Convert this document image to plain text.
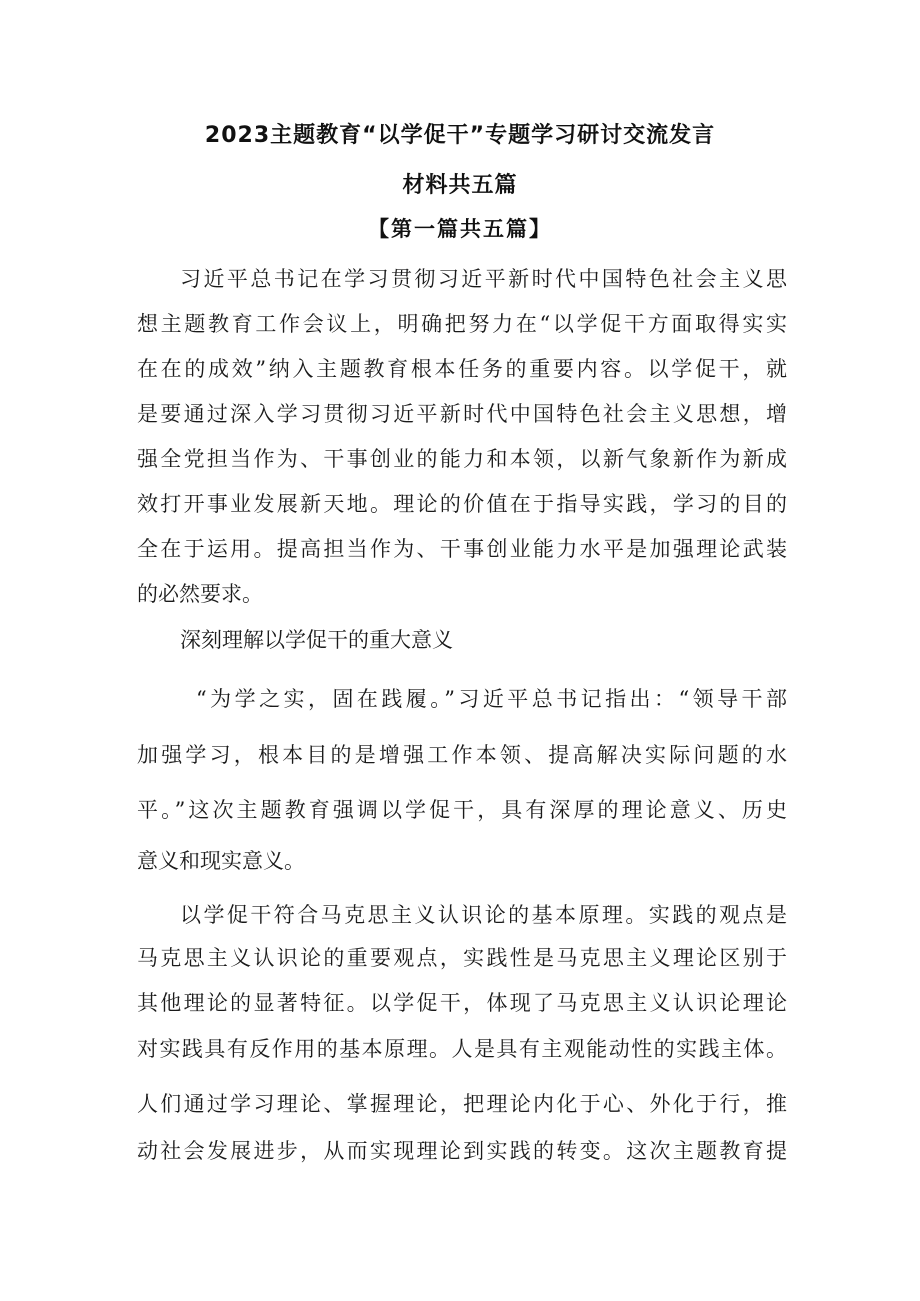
2023主题教育“以学促干”专题学习研讨交流发言
材料共五篇
【第一篇共五篇】
习近平总书记在学习贯彻习近平新时代中国特色社会主义思
想主题教育工作会议上，明确把努力在“以学促干方面取得实实
在在的成效”纳入主题教育根本任务的重要内容。以学促干，就
是要通过深入学习贯彻习近平新时代中国特色社会主义思想，增
强全党担当作为、干事创业的能力和本领，以新气象新作为新成
效打开事业发展新天地。理论的价值在于指导实践，学习的目的
全在于运用。提高担当作为、干事创业能力水平是加强理论武装
的必然要求。
深刻理解以学促干的重大意义
“为学之实，固在践履。”习近平总书记指出：“领导干部
加强学习，根本目的是增强工作本领、提高解决实际问题的水
平。”这次主题教育强调以学促干，具有深厚的理论意义、历史
意义和现实意义。
以学促干符合马克思主义认识论的基本原理。实践的观点是
马克思主义认识论的重要观点，实践性是马克思主义理论区别于
其他理论的显著特征。以学促干，体现了马克思主义认识论理论
对实践具有反作用的基本原理。人是具有主观能动性的实践主体。
人们通过学习理论、掌握理论，把理论内化于心、外化于行，推
动社会发展进步，从而实现理论到实践的转变。这次主题教育提
